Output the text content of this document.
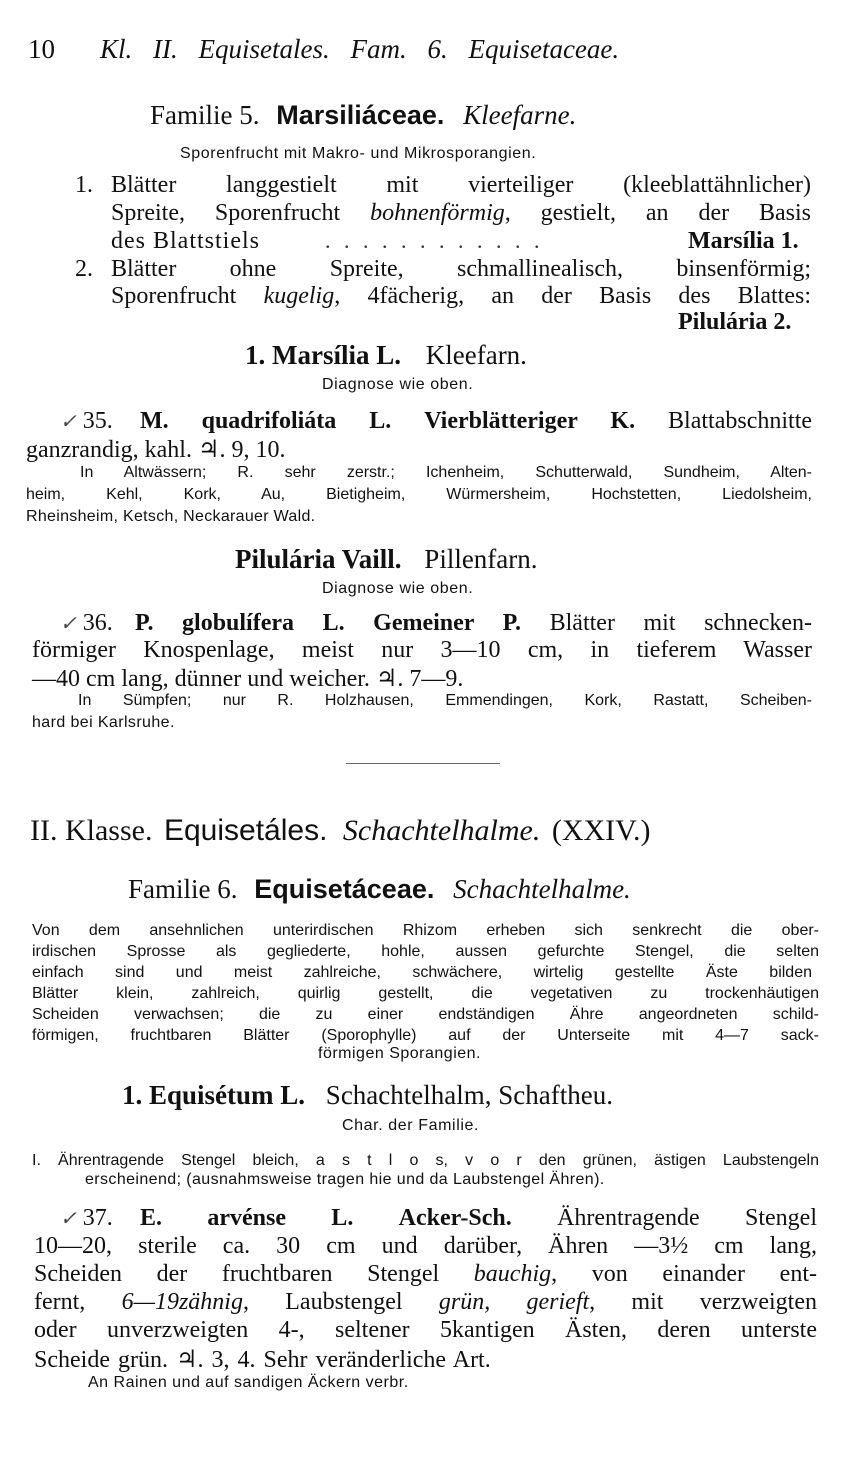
10 Kl. II. Equisetales. Fam. 6. Equisetaceae.
Familie 5. Marsiliáceae. Kleefarne.
Sporenfrucht mit Makro- und Mikrosporangien.
1. Blätter langgestielt mit vierteiliger (kleeblattähnlicher)
Spreite, Sporenfrucht bohnenförmig, gestielt, an der Basis
des Blattstiels	. . . . . . . . . . . .	Marsília 1.
2. Blätter ohne Spreite, schmallinealisch, binsenförmig;
Sporenfrucht kugelig, 4fächerig, an der Basis des Blattes:
Pilulária 2.
1. Marsília L. Kleefarn.
Diagnose wie oben.
✓ 35. M. quadrifoliáta L. Vierblätteriger K. Blattabschnitte
ganzrandig, kahl. ♃. 9, 10.
In Altwässern; R. sehr zerstr.; Ichenheim, Schutterwald, Sundheim, Alten-
heim, Kehl, Kork, Au, Bietigheim, Würmersheim, Hochstetten, Liedolsheim,
Rheinsheim, Ketsch, Neckarauer Wald.
Pilulária Vaill. Pillenfarn.
Diagnose wie oben.
✓ 36. P. globulífera L. Gemeiner P. Blätter mit schnecken-
förmiger Knospenlage, meist nur 3—10 cm, in tieferem Wasser
—40 cm lang, dünner und weicher. ♃. 7—9.
In Sümpfen; nur R. Holzhausen, Emmendingen, Kork, Rastatt, Scheiben-
hard bei Karlsruhe.
II. Klasse. Equisetáles. Schachtelhalme. (XXIV.)
Familie 6. Equisetáceae. Schachtelhalme.
Von dem ansehnlichen unterirdischen Rhizom erheben sich senkrecht die ober-
irdischen Sprosse als gegliederte, hohle, aussen gefurchte Stengel, die selten
einfach sind und meist zahlreiche, schwächere, wirtelig gestellte Äste bilden
Blätter klein, zahlreich, quirlig gestellt, die vegetativen zu trockenhäutigen
Scheiden verwachsen; die zu einer endständigen Ähre angeordneten schild-
förmigen, fruchtbaren Blätter (Sporophylle) auf der Unterseite mit 4—7 sack-
förmigen Sporangien.
1. Equisétum L. Schachtelhalm, Schaftheu.
Char. der Familie.
I. Ährentragende Stengel bleich, a s t l o s, v o r den grünen, ästigen Laubstengeln
erscheinend; (ausnahmsweise tragen hie und da Laubstengel Ähren).
✓ 37. E. arvénse L. Acker-Sch. Ährentragende Stengel
10—20, sterile ca. 30 cm und darüber, Ähren —3½ cm lang,
Scheiden der fruchtbaren Stengel bauchig, von einander ent-
fernt, 6—19zähnig, Laubstengel grün, gerieft, mit verzweigten
oder unverzweigten 4-, seltener 5kantigen Ästen, deren unterste
Scheide grün. ♃. 3, 4. Sehr veränderliche Art.
An Rainen und auf sandigen Äckern verbr.
